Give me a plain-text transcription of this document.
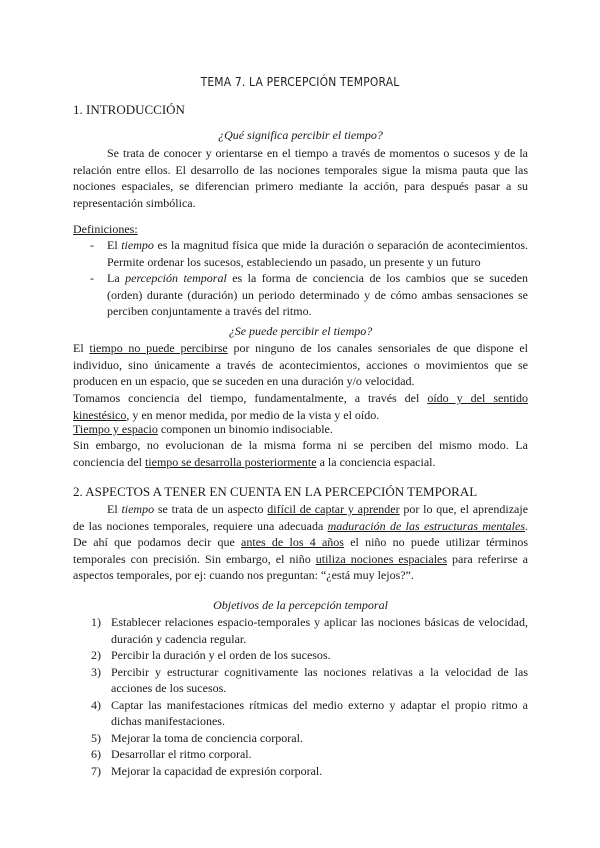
TEMA 7. LA PERCEPCIÓN TEMPORAL
1. INTRODUCCIÓN
¿Qué significa percibir el tiempo?
Se trata de conocer y orientarse en el tiempo a través de momentos o sucesos y de la relación entre ellos. El desarrollo de las nociones temporales sigue la misma pauta que las nociones espaciales, se diferencian primero mediante la acción, para después pasar a su representación simbólica.
Definiciones:
- El tiempo es la magnitud física que mide la duración o separación de acontecimientos. Permite ordenar los sucesos, estableciendo un pasado, un presente y un futuro
- La percepción temporal es la forma de conciencia de los cambios que se suceden (orden) durante (duración) un periodo determinado y de cómo ambas sensaciones se perciben conjuntamente a través del ritmo.
¿Se puede percibir el tiempo?
El tiempo no puede percibirse por ninguno de los canales sensoriales de que dispone el individuo, sino únicamente a través de acontecimientos, acciones o movimientos que se producen en un espacio, que se suceden en una duración y/o velocidad.
Tomamos conciencia del tiempo, fundamentalmente, a través del oído y del sentido kinestésico, y en menor medida, por medio de la vista y el oído.
Tiempo y espacio componen un binomio indisociable.
Sin embargo, no evolucionan de la misma forma ni se perciben del mismo modo. La conciencia del tiempo se desarrolla posteriormente a la conciencia espacial.
2. ASPECTOS A TENER EN CUENTA EN LA PERCEPCIÓN TEMPORAL
El tiempo se trata de un aspecto difícil de captar y aprender por lo que, el aprendizaje de las nociones temporales, requiere una adecuada maduración de las estructuras mentales. De ahí que podamos decir que antes de los 4 años el niño no puede utilizar términos temporales con precisión. Sin embargo, el niño utiliza nociones espaciales para referirse a aspectos temporales, por ej: cuando nos preguntan: “¿está muy lejos?”.
Objetivos de la percepción temporal
1) Establecer relaciones espacio-temporales y aplicar las nociones básicas de velocidad, duración y cadencia regular.
2) Percibir la duración y el orden de los sucesos.
3) Percibir y estructurar cognitivamente las nociones relativas a la velocidad de las acciones de los sucesos.
4) Captar las manifestaciones rítmicas del medio externo y adaptar el propio ritmo a dichas manifestaciones.
5) Mejorar la toma de conciencia corporal.
6) Desarrollar el ritmo corporal.
7) Mejorar la capacidad de expresión corporal.
